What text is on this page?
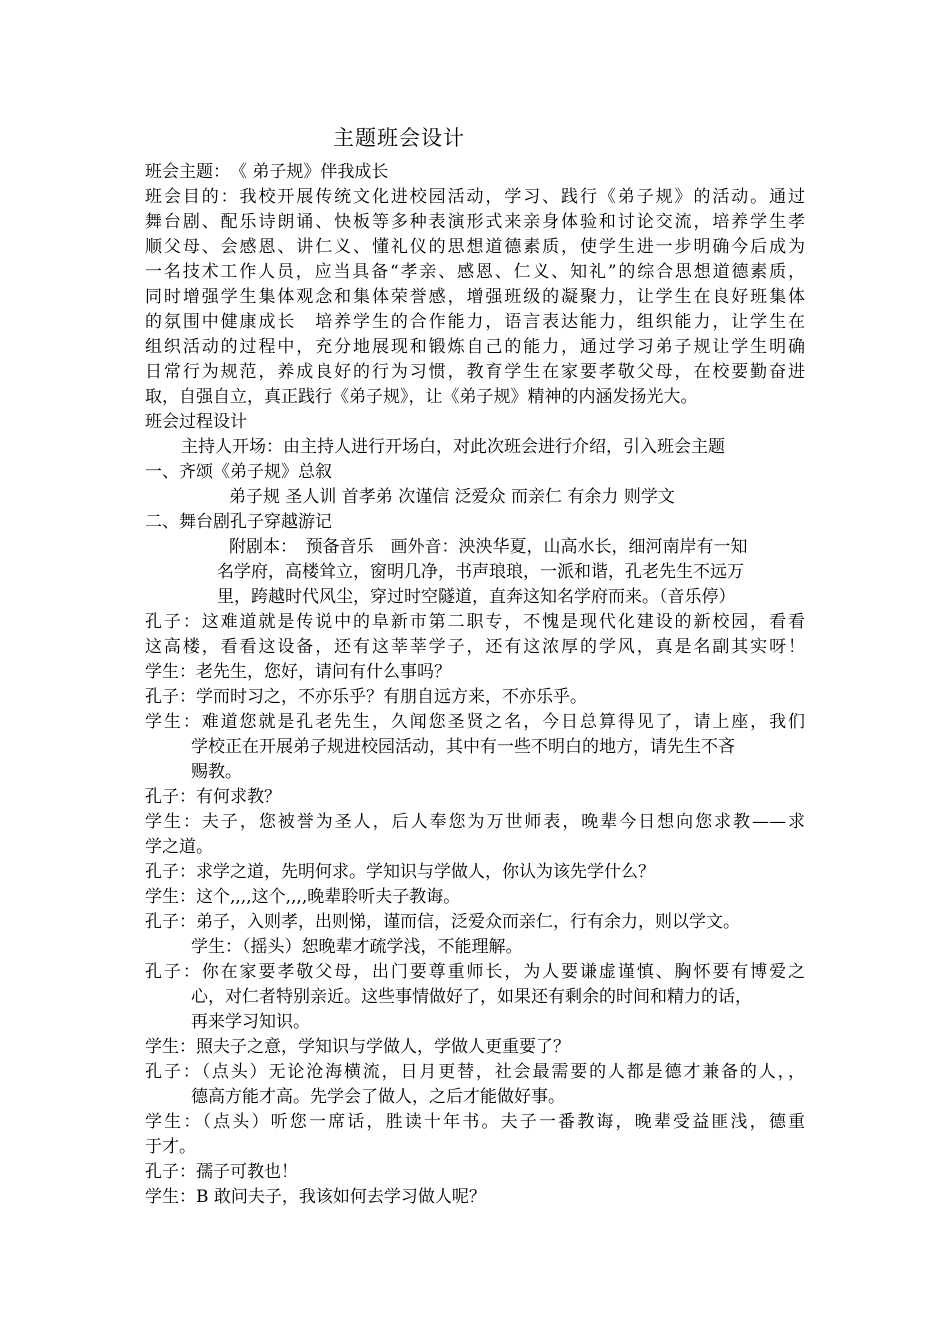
主题班会设计
班会主题：　《 弟子规》伴我成长
班会目的：我校开展传统文化进校园活动，学习、践行《弟子规》的活动。通过
舞台剧、配乐诗朗诵、快板等多种表演形式来亲身体验和讨论交流，培养学生孝
顺父母、会感恩、讲仁义、懂礼仪的思想道德素质，使学生进一步明确今后成为
一名技术工作人员，应当具备“孝亲、感恩、仁义、知礼”的综合思想道德素质，
同时增强学生集体观念和集体荣誉感，增强班级的凝聚力，让学生在良好班集体
的氛围中健康成长　培养学生的合作能力，语言表达能力，组织能力，让学生在
组织活动的过程中，充分地展现和锻炼自己的能力，通过学习弟子规让学生明确
日常行为规范，养成良好的行为习惯，教育学生在家要孝敬父母，在校要勤奋进
取，自强自立，真正践行《弟子规》，让《弟子规》精神的内涵发扬光大。
班会过程设计
主持人开场：由主持人进行开场白，对此次班会进行介绍，引入班会主题
一、齐颂《弟子规》总叙
弟子规 圣人训 首孝弟 次谨信 泛爱众 而亲仁 有余力 则学文
二、舞台剧孔子穿越游记
附剧本：　预备音乐　画外音：泱泱华夏，山高水长，细河南岸有一知
名学府，高楼耸立，窗明几净，书声琅琅，一派和谐，孔老先生不远万
里，跨越时代风尘，穿过时空隧道，直奔这知名学府而来。（音乐停）
孔子：这难道就是传说中的阜新市第二职专，不愧是现代化建设的新校园，看看
这高楼，看看这设备，还有这莘莘学子，还有这浓厚的学风，真是名副其实呀！
学生：老先生，您好，请问有什么事吗？
孔子：学而时习之，不亦乐乎？有朋自远方来，不亦乐乎。
学生：难道您就是孔老先生，久闻您圣贤之名，今日总算得见了，请上座，我们
学校正在开展弟子规进校园活动，其中有一些不明白的地方，请先生不吝
赐教。
孔子：有何求教？
学生：夫子，您被誉为圣人，后人奉您为万世师表，晚辈今日想向您求教——求
学之道。
孔子：求学之道，先明何求。学知识与学做人，你认为该先学什么？
学生：这个,,,,这个,,,,晚辈聆听夫子教诲。
孔子：弟子，入则孝，出则悌，谨而信，泛爱众而亲仁，行有余力，则以学文。
学生：（摇头）恕晚辈才疏学浅，不能理解。
孔子：你在家要孝敬父母，出门要尊重师长，为人要谦虚谨慎、胸怀要有博爱之
心，对仁者特别亲近。这些事情做好了，如果还有剩余的时间和精力的话，
再来学习知识。
学生：照夫子之意，学知识与学做人，学做人更重要了？
孔子：（点头）无论沧海横流，日月更替，社会最需要的人都是德才兼备的人，，
德高方能才高。先学会了做人，之后才能做好事。
学生：（点头）听您一席话，胜读十年书。夫子一番教诲，晚辈受益匪浅，德重
于才。
孔子：孺子可教也！
学生：B 敢问夫子，我该如何去学习做人呢？
